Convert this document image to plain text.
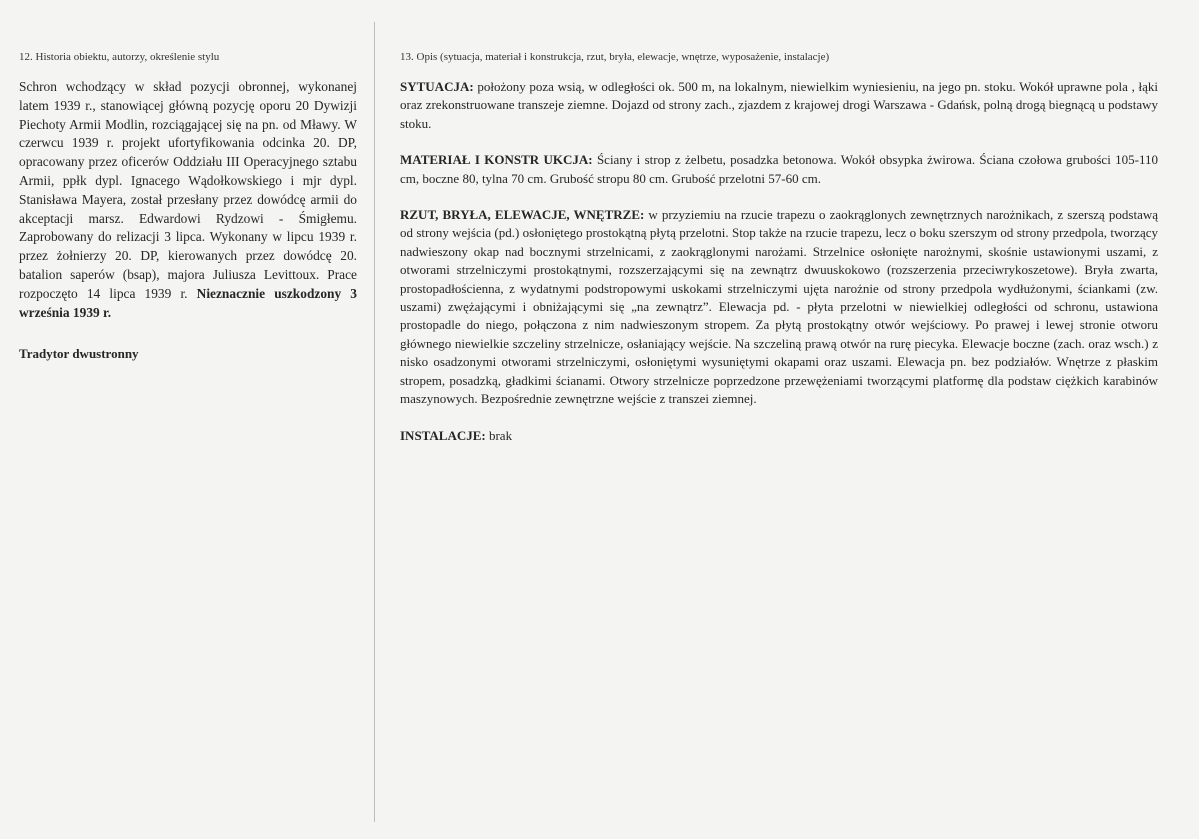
12. Historia obiektu, autorzy, określenie stylu

Schron wchodzący w skład pozycji obronnej, wykonanej latem 1939 r., stanowiącej główną pozycję oporu 20 Dywizji Piechoty Armii Modlin, rozciągającej się na pn. od Mławy. W czerwcu 1939 r. projekt ufortyfikowania odcinka 20. DP, opracowany przez oficerów Oddziału III Operacyjnego sztabu Armii, ppłk dypl. Ignacego Wądołkowskiego i mjr dypl. Stanisława Mayera, został przesłany przez dowódcę armii do akceptacji marsz. Edwardowi Rydzowi - Śmigłemu. Zaprobowany do relizacji 3 lipca. Wykonany w lipcu 1939 r. przez żołnierzy 20. DP, kierowanych przez dowódcę 20. batalion saperów (bsap), majora Juliusza Levittoux. Prace rozpoczęto 14 lipca 1939 r. Nieznacznie uszkodzony 3 września 1939 r.

Tradytor dwustronny

13. Opis (sytuacja, materiał i konstrukcja, rzut, bryła, elewacje, wnętrze, wyposażenie, instalacje)

SYTUACJA: położony poza wsią, w odległości ok. 500 m, na lokalnym, niewielkim wyniesieniu, na jego pn. stoku. Wokół uprawne pola , łąki oraz zrekonstruowane transzeje ziemne. Dojazd od strony zach., zjazdem z krajowej drogi Warszawa - Gdańsk, polną drogą biegnącą u podstawy stoku.

MATERIAŁ I KONSTR UKCJA: Ściany i strop z żelbetu, posadzka betonowa. Wokół obsypka żwirowa. Ściana czołowa grubości 105-110 cm, boczne 80, tylna 70 cm. Grubość stropu 80 cm. Grubość przelotni 57-60 cm.

RZUT, BRYŁA, ELEWACJE, WNĘTRZE: w przyziemiu na rzucie trapezu o zaokrąglonych zewnętrznych narożnikach, z szerszą podstawą od strony wejścia (pd.) osłoniętego prostokątną płytą przelotni. Stop także na rzucie trapezu, lecz o boku szerszym od strony przedpola, tworzący nadwieszony okap nad bocznymi strzelnicami, z zaokrąglonymi narożami. Strzelnice osłonięte narożnymi, skośnie ustawionymi uszami, z otworami strzelniczymi prostokątnymi, rozszerzającymi się na zewnątrz dwuuskokowo (rozszerzenia przeciwrykoszetowe). Bryła zwarta, prostopadłościenna, z wydatnymi podstropowymi uskokami strzelniczymi ujęta narożnie od strony przedpola wydłużonymi, ściankami (zw. uszami) zwężającymi i obniżającymi się „na zewnątrz”. Elewacja pd. - płyta przelotni w niewielkiej odległości od schronu, ustawiona prostopadle do niego, połączona z nim nadwieszonym stropem. Za płytą prostokątny otwór wejściowy. Po prawej i lewej stronie otworu głównego niewielkie szczeliny strzelnicze, osłaniający wejście. Na szczeliną prawą otwór na rurę piecyka. Elewacje boczne (zach. oraz wsch.) z nisko osadzonymi otworami strzelniczymi, osłoniętymi wysuniętymi okapami oraz uszami. Elewacja pn. bez podziałów. Wnętrze z płaskim stropem, posadzką, gładkimi ścianami. Otwory strzelnicze poprzedzone przewężeniami tworzącymi platformę dla podstaw ciężkich karabinów maszynowych. Bezpośrednie zewnętrzne wejście z transzei ziemnej.

INSTALACJE: brak
